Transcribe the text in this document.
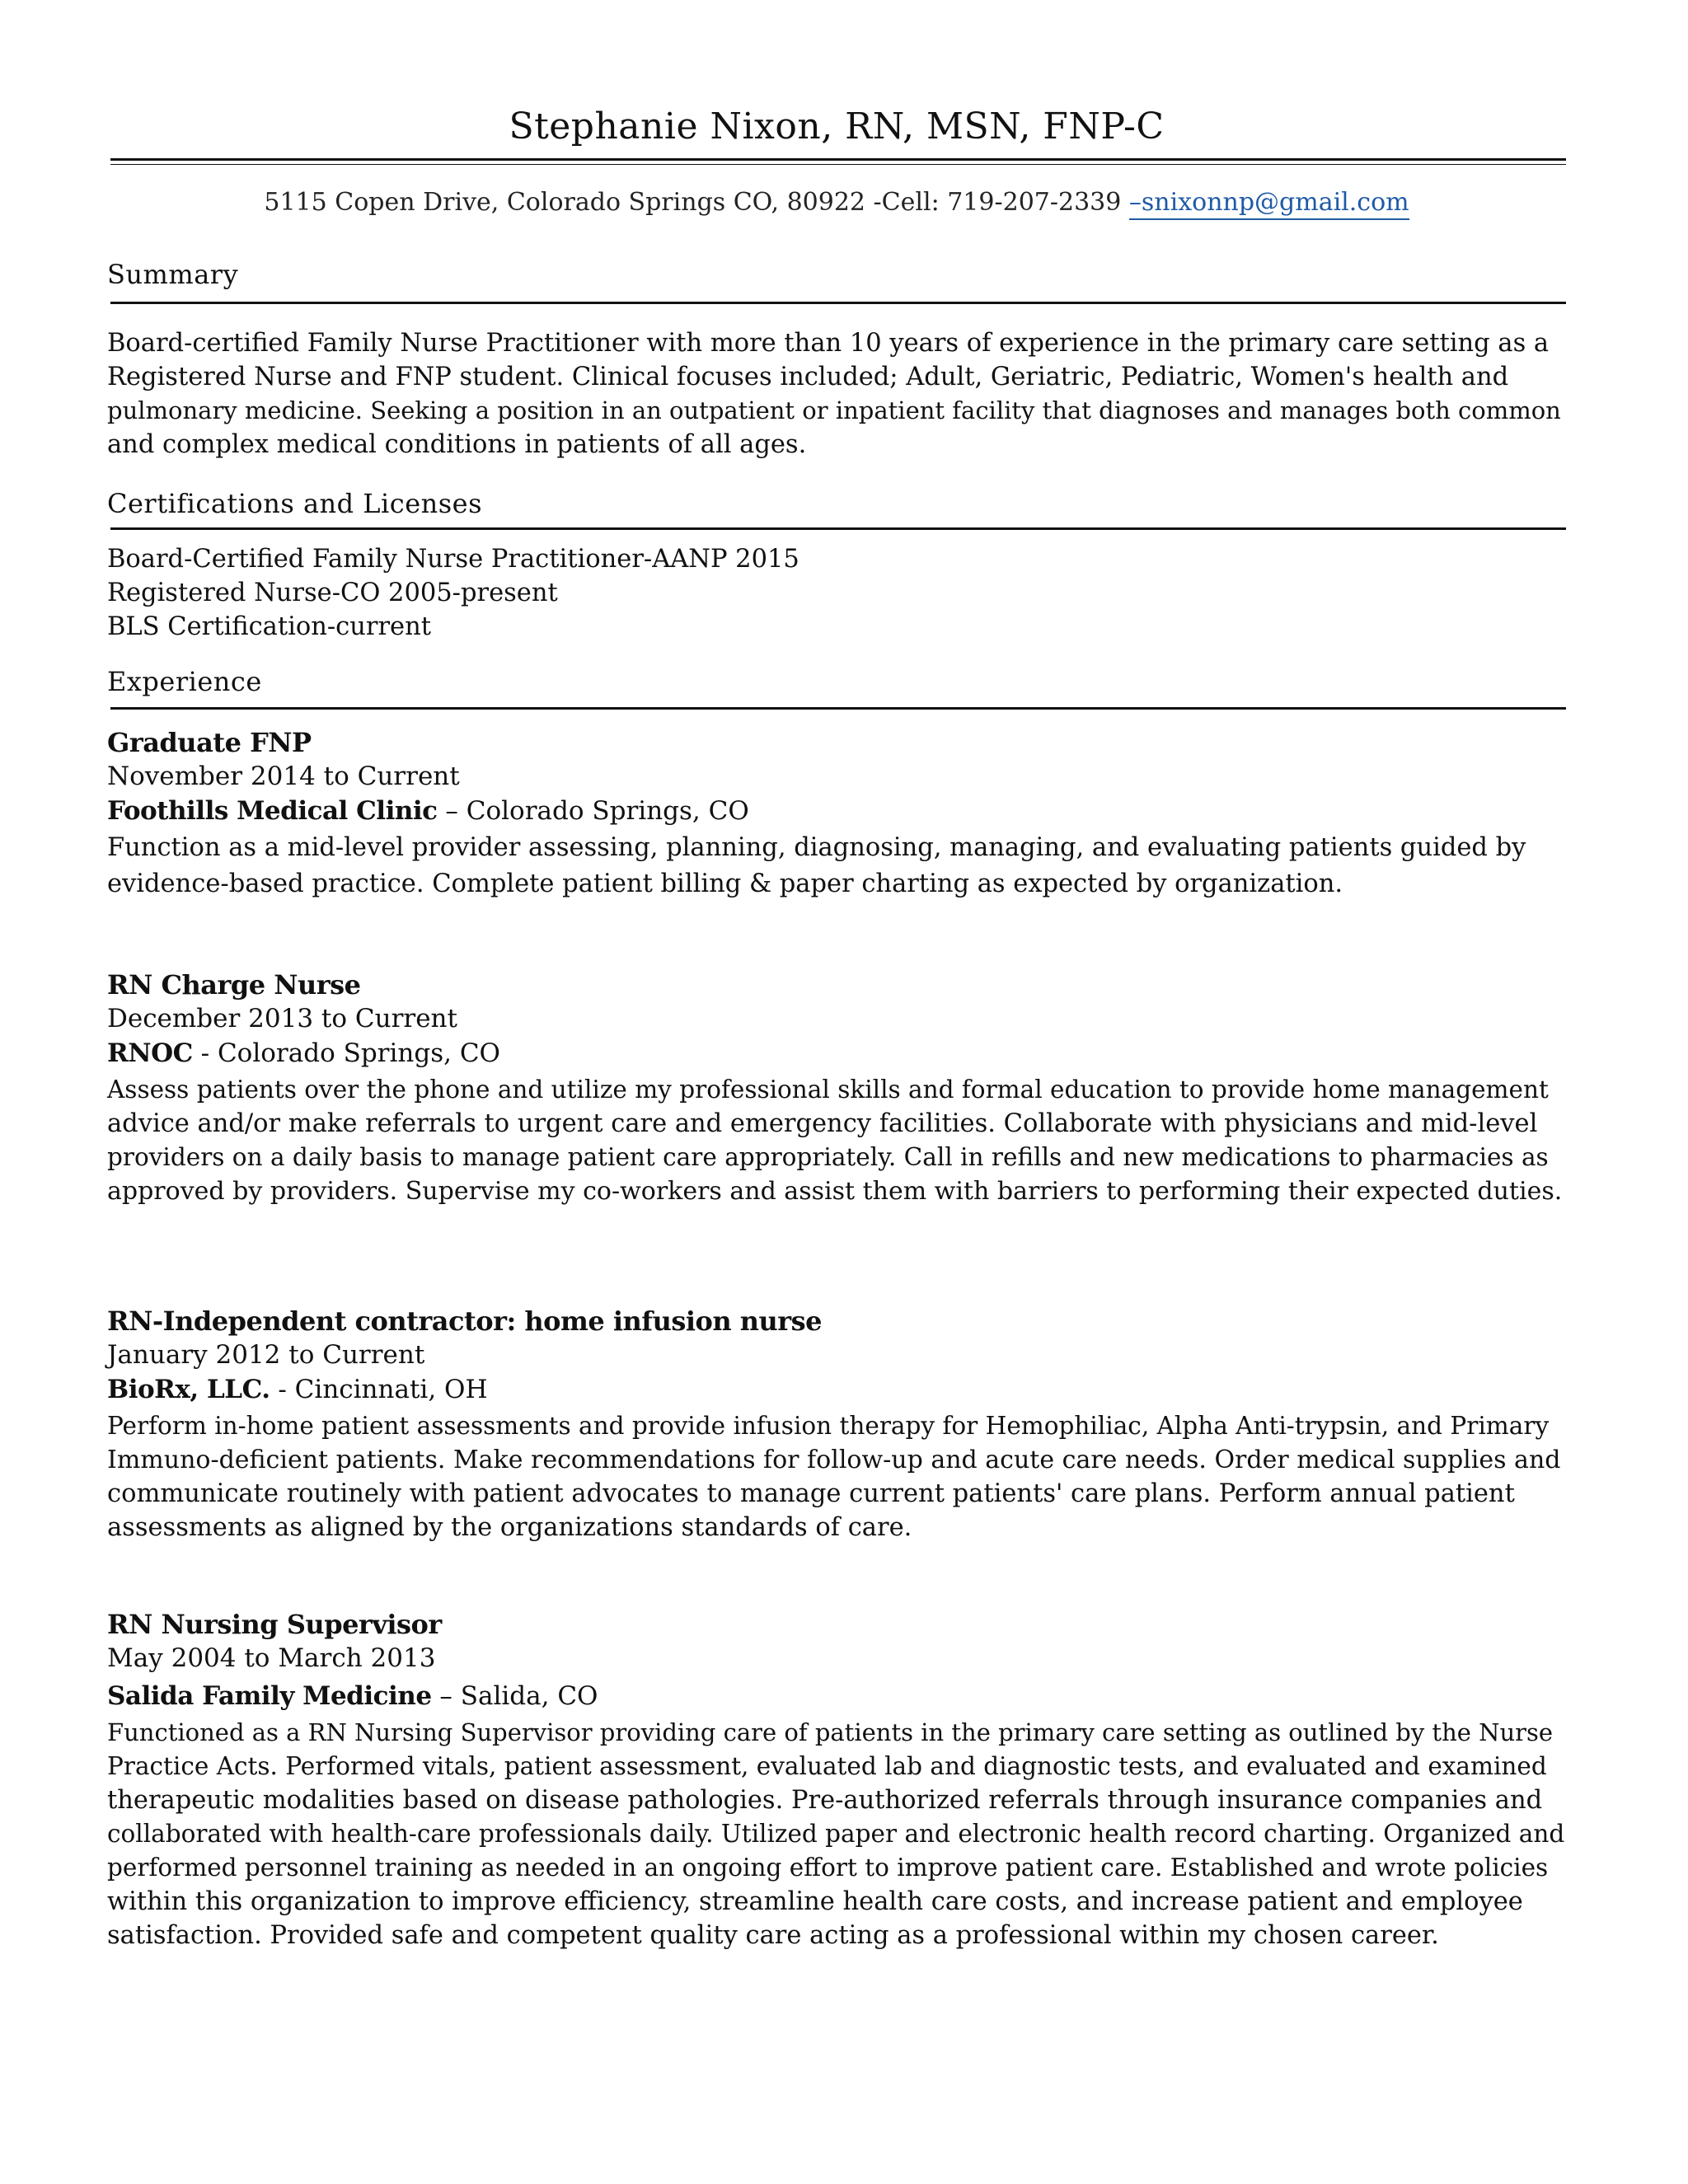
Stephanie Nixon, RN, MSN, FNP-C
5115 Copen Drive, Colorado Springs CO, 80922 -Cell: 719-207-2339 –snixonnp@gmail.com
Summary
Board-certified Family Nurse Practitioner with more than 10 years of experience in the primary care setting as a
Registered Nurse and FNP student. Clinical focuses included; Adult, Geriatric, Pediatric, Women's health and
pulmonary medicine. Seeking a position in an outpatient or inpatient facility that diagnoses and manages both common
and complex medical conditions in patients of all ages.
Certifications and Licenses
Board-Certified Family Nurse Practitioner-AANP 2015
Registered Nurse-CO 2005-present
BLS Certification-current
Experience
Graduate FNP
November 2014 to Current
Foothills Medical Clinic – Colorado Springs, CO
Function as a mid-level provider assessing, planning, diagnosing, managing, and evaluating patients guided by
evidence-based practice. Complete patient billing & paper charting as expected by organization.
RN Charge Nurse
December 2013 to Current
RNOC - Colorado Springs, CO
Assess patients over the phone and utilize my professional skills and formal education to provide home management
advice and/or make referrals to urgent care and emergency facilities. Collaborate with physicians and mid-level
providers on a daily basis to manage patient care appropriately. Call in refills and new medications to pharmacies as
approved by providers. Supervise my co-workers and assist them with barriers to performing their expected duties.
RN-Independent contractor: home infusion nurse
January 2012 to Current
BioRx, LLC. - Cincinnati, OH
Perform in-home patient assessments and provide infusion therapy for Hemophiliac, Alpha Anti-trypsin, and Primary
Immuno-deficient patients. Make recommendations for follow-up and acute care needs. Order medical supplies and
communicate routinely with patient advocates to manage current patients' care plans. Perform annual patient
assessments as aligned by the organizations standards of care.
RN Nursing Supervisor
May 2004 to March 2013
Salida Family Medicine – Salida, CO
Functioned as a RN Nursing Supervisor providing care of patients in the primary care setting as outlined by the Nurse
Practice Acts. Performed vitals, patient assessment, evaluated lab and diagnostic tests, and evaluated and examined
therapeutic modalities based on disease pathologies. Pre-authorized referrals through insurance companies and
collaborated with health-care professionals daily. Utilized paper and electronic health record charting. Organized and
performed personnel training as needed in an ongoing effort to improve patient care. Established and wrote policies
within this organization to improve efficiency, streamline health care costs, and increase patient and employee
satisfaction. Provided safe and competent quality care acting as a professional within my chosen career.
